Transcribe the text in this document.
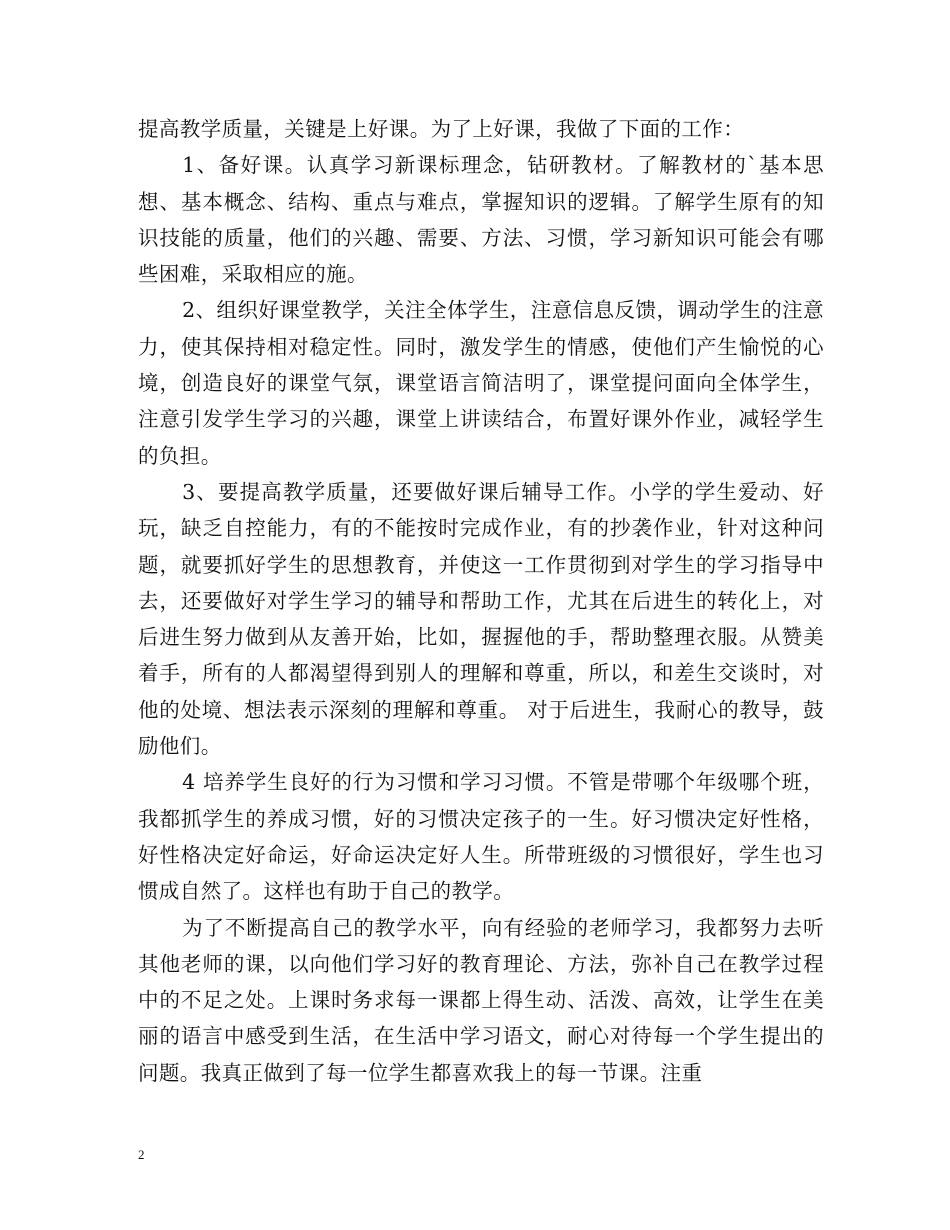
提高教学质量，关键是上好课。为了上好课，我做了下面的工作：

1、备好课。认真学习新课标理念，钻研教材。了解教材的`基本思想、基本概念、结构、重点与难点，掌握知识的逻辑。了解学生原有的知识技能的质量，他们的兴趣、需要、方法、习惯，学习新知识可能会有哪些困难，采取相应的施。

2、组织好课堂教学，关注全体学生，注意信息反馈，调动学生的注意力，使其保持相对稳定性。同时，激发学生的情感，使他们产生愉悦的心境，创造良好的课堂气氛，课堂语言简洁明了，课堂提问面向全体学生，注意引发学生学习的兴趣，课堂上讲读结合，布置好课外作业，减轻学生的负担。

3、要提高教学质量，还要做好课后辅导工作。小学的学生爱动、好玩，缺乏自控能力，有的不能按时完成作业，有的抄袭作业，针对这种问题，就要抓好学生的思想教育，并使这一工作贯彻到对学生的学习指导中去，还要做好对学生学习的辅导和帮助工作，尤其在后进生的转化上，对后进生努力做到从友善开始，比如，握握他的手，帮助整理衣服。从赞美着手，所有的人都渴望得到别人的理解和尊重，所以，和差生交谈时，对他的处境、想法表示深刻的理解和尊重。 对于后进生，我耐心的教导，鼓励他们。

4 培养学生良好的行为习惯和学习习惯。不管是带哪个年级哪个班，我都抓学生的养成习惯，好的习惯决定孩子的一生。好习惯决定好性格，好性格决定好命运，好命运决定好人生。所带班级的习惯很好，学生也习惯成自然了。这样也有助于自己的教学。

为了不断提高自己的教学水平，向有经验的老师学习，我都努力去听其他老师的课，以向他们学习好的教育理论、方法，弥补自己在教学过程中的不足之处。上课时务求每一课都上得生动、活泼、高效，让学生在美丽的语言中感受到生活，在生活中学习语文，耐心对待每一个学生提出的问题。我真正做到了每一位学生都喜欢我上的每一节课。注重

2
